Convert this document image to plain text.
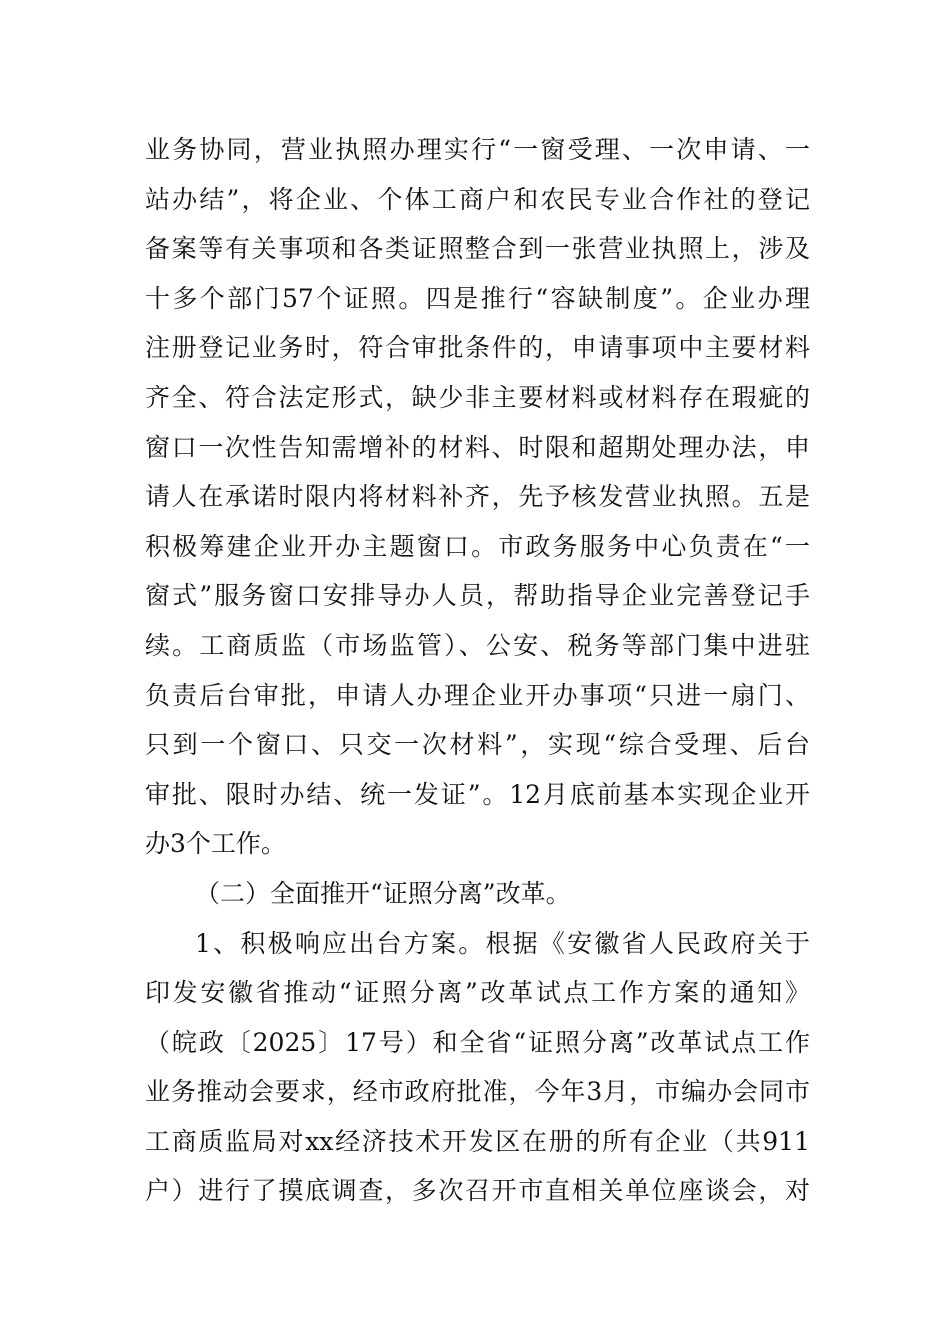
业务协同，营业执照办理实行“一窗受理、一次申请、一
站办结”，将企业、个体工商户和农民专业合作社的登记
备案等有关事项和各类证照整合到一张营业执照上，涉及
十多个部门57个证照。四是推行“容缺制度”。企业办理
注册登记业务时，符合审批条件的，申请事项中主要材料
齐全、符合法定形式，缺少非主要材料或材料存在瑕疵的
窗口一次性告知需增补的材料、时限和超期处理办法，申
请人在承诺时限内将材料补齐，先予核发营业执照。五是
积极筹建企业开办主题窗口。市政务服务中心负责在“一
窗式”服务窗口安排导办人员，帮助指导企业完善登记手
续。工商质监（市场监管）、公安、税务等部门集中进驻
负责后台审批，申请人办理企业开办事项“只进一扇门、
只到一个窗口、只交一次材料”，实现“综合受理、后台
审批、限时办结、统一发证”。12月底前基本实现企业开
办3个工作。
（二）全面推开“证照分离”改革。
1、积极响应出台方案。根据《安徽省人民政府关于
印发安徽省推动“证照分离”改革试点工作方案的通知》
（皖政〔2025〕17号）和全省“证照分离”改革试点工作
业务推动会要求，经市政府批准，今年3月，市编办会同市
工商质监局对xx经济技术开发区在册的所有企业（共911
户）进行了摸底调查，多次召开市直相关单位座谈会，对
